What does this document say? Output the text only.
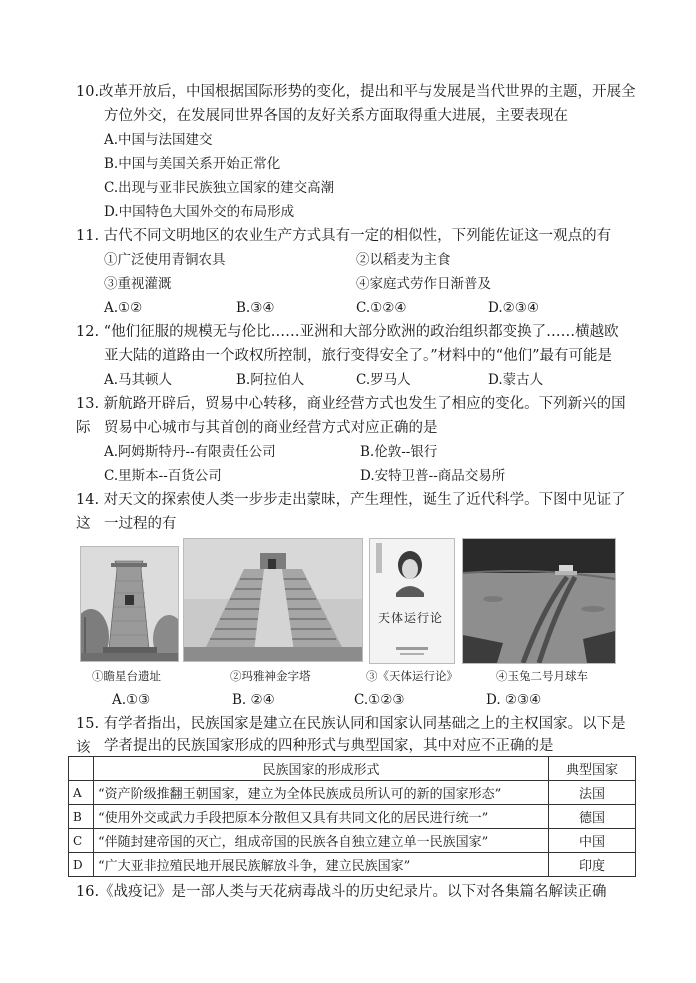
10.改革开放后，中国根据国际形势的变化，提出和平与发展是当代世界的主题，开展全
方位外交，在发展同世界各国的友好关系方面取得重大进展，主要表现在
A.中国与法国建交
B.中国与美国关系开始正常化
C.出现与亚非民族独立国家的建交高潮
D.中国特色大国外交的布局形成
11. 古代不同文明地区的农业生产方式具有一定的相似性，下列能佐证这一观点的有
①广泛使用青铜农具	②以稻麦为主食
③重视灌溉	④家庭式劳作日渐普及
A.①②	B.③④	C.①②④	D.②③④
12. “他们征服的规模无与伦比……亚洲和大部分欧洲的政治组织都变换了……横越欧
亚大陆的道路由一个政权所控制，旅行变得安全了。”材料中的“他们”最有可能是
A.马其顿人	B.阿拉伯人	C.罗马人	D.蒙古人
13. 新航路开辟后，贸易中心转移，商业经营方式也发生了相应的变化。下列新兴的国际 贸易中心城市与其首创的商业经营方式对应正确的是
A.阿姆斯特丹--有限责任公司	B.伦敦--银行
C.里斯本--百货公司	D.安特卫普--商品交易所
14. 对天文的探索使人类一步步走出蒙昧，产生理性，诞生了近代科学。下图中见证了这 一过程的有
天体运行论
①瞻星台遗址	②玛雅神金字塔	③《天体运行论》	④玉兔二号月球车
A.①③	B. ②④	C.①②③	D. ②③④
15. 有学者指出，民族国家是建立在民族认同和国家认同基础之上的主权国家。以下是该 学者提出的民族国家形成的四种形式与典型国家，其中对应不正确的是
	民族国家的形成形式	典型国家
A	“资产阶级推翻王朝国家，建立为全体民族成员所认可的新的国家形态”	法国
B	“使用外交或武力手段把原本分散但又具有共同文化的居民进行统一”	德国
C	“伴随封建帝国的灭亡，组成帝国的民族各自独立建立单一民族国家”	中国
D	“广大亚非拉殖民地开展民族解放斗争，建立民族国家”	印度
16.《战疫记》是一部人类与天花病毒战斗的历史纪录片。以下对各集篇名解读正确
